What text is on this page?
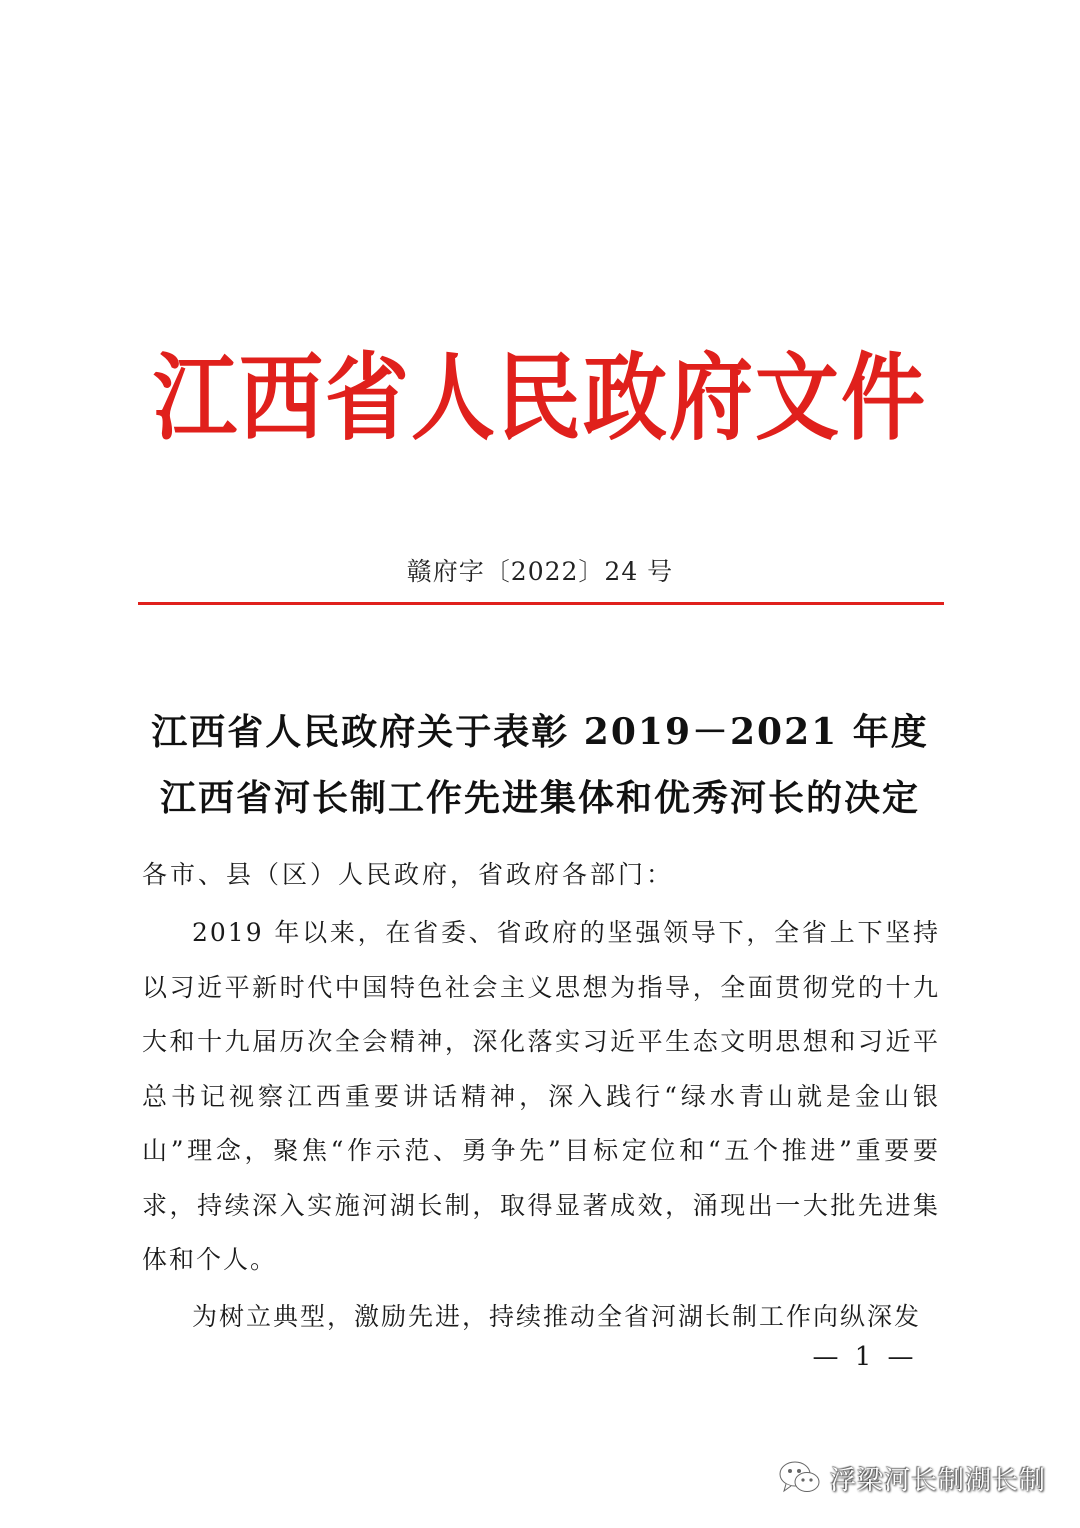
江西省人民政府文件
赣府字〔2022〕24 号
江西省人民政府关于表彰 2019－2021 年度
江西省河长制工作先进集体和优秀河长的决定
各市、县（区）人民政府，省政府各部门：

2019 年以来，在省委、省政府的坚强领导下，全省上下坚持以习近平新时代中国特色社会主义思想为指导，全面贯彻党的十九大和十九届历次全会精神，深化落实习近平生态文明思想和习近平总书记视察江西重要讲话精神，深入践行“绿水青山就是金山银山”理念，聚焦“作示范、勇争先”目标定位和“五个推进”重要要求，持续深入实施河湖长制，取得显著成效，涌现出一大批先进集体和个人。

为树立典型，激励先进，持续推动全省河湖长制工作向纵深发

— 1 —
浮梁河长制湖长制
